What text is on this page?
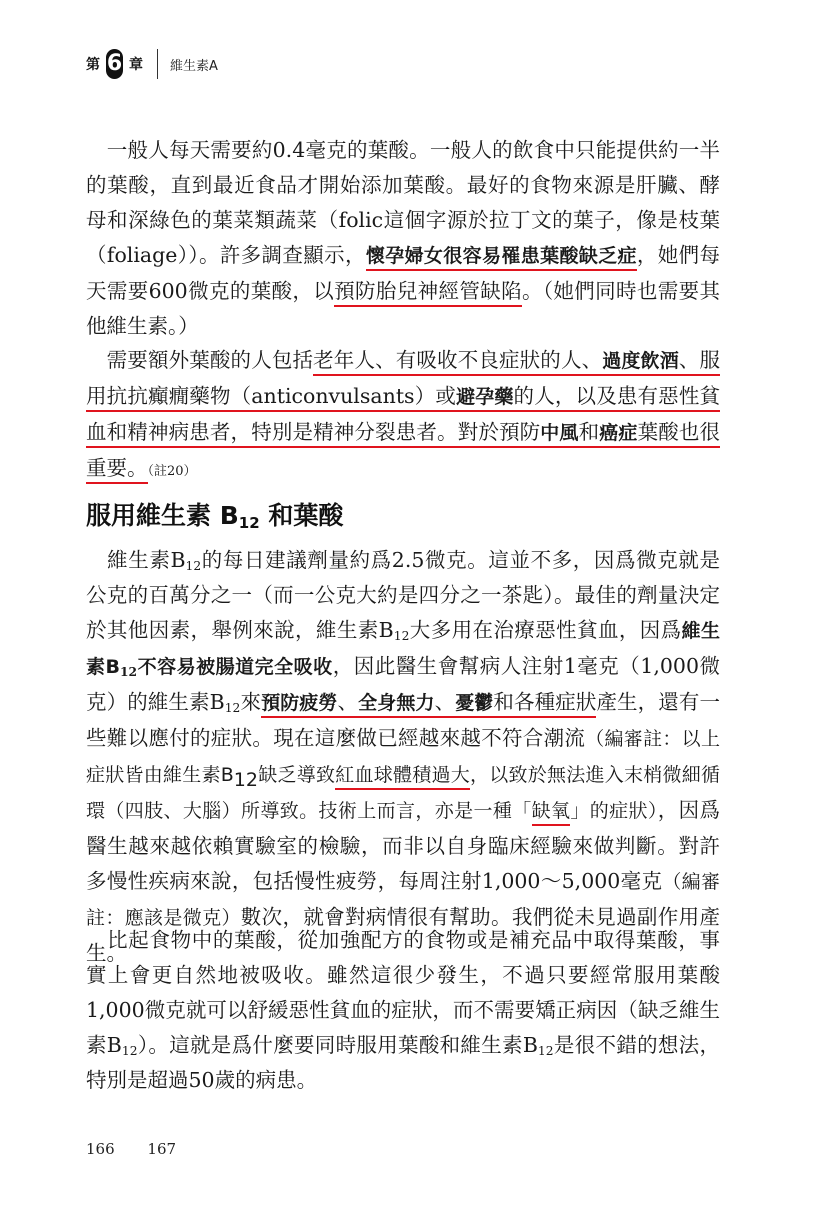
第 6 章 維生素A
 一般人每天需要約0.4毫克的葉酸。一般人的飲食中只能提供約一半的葉酸，直到最近食品才開始添加葉酸。最好的食物來源是肝臟、酵母和深綠色的葉菜類蔬菜（folic這個字源於拉丁文的葉子，像是枝葉（foliage））。許多調查顯示，懷孕婦女很容易罹患葉酸缺乏症，她們每天需要600微克的葉酸，以預防胎兒神經管缺陷。（她們同時也需要其他維生素。）
 需要額外葉酸的人包括老年人、有吸收不良症狀的人、過度飲酒、服用抗抗癲癇藥物（anticonvulsants）或避孕藥的人，以及患有惡性貧血和精神病患者，特別是精神分裂患者。對於預防中風和癌症葉酸也很重要。（註20）
服用維生素 $B_{12}$ 和葉酸
 維生素$B_{12}$的每日建議劑量約爲2.5微克。這並不多，因爲微克就是公克的百萬分之一（而一公克大約是四分之一茶匙）。最佳的劑量決定於其他因素，舉例來說，維生素$B_{12}$大多用在治療惡性貧血，因爲維生素$B_{12}$不容易被腸道完全吸收，因此醫生會幫病人注射1毫克（1,000微克）的維生素$B_{12}$來預防疲勞、全身無力、憂鬱和各種症狀產生，還有一些難以應付的症狀。現在這麼做已經越來越不符合潮流（編審註：以上症狀皆由維生素B12缺乏導致紅血球體積過大，以致於無法進入末梢微細循環（四肢、大腦）所導致。技術上而言，亦是一種「缺氧」的症狀），因爲醫生越來越依賴實驗室的檢驗，而非以自身臨床經驗來做判斷。對許多慢性疾病來說，包括慢性疲勞，每周注射1,000～5,000毫克（編審註：應該是微克）數次，就會對病情很有幫助。我們從未見過副作用產生。
 比起食物中的葉酸，從加強配方的食物或是補充品中取得葉酸，事實上會更自然地被吸收。雖然這很少發生，不過只要經常服用葉酸1,000微克就可以舒緩惡性貧血的症狀，而不需要矯正病因（缺乏維生素$B_{12}$）。這就是爲什麼要同時服用葉酸和維生素$B_{12}$是很不錯的想法，特別是超過50歲的病患。
166 167
